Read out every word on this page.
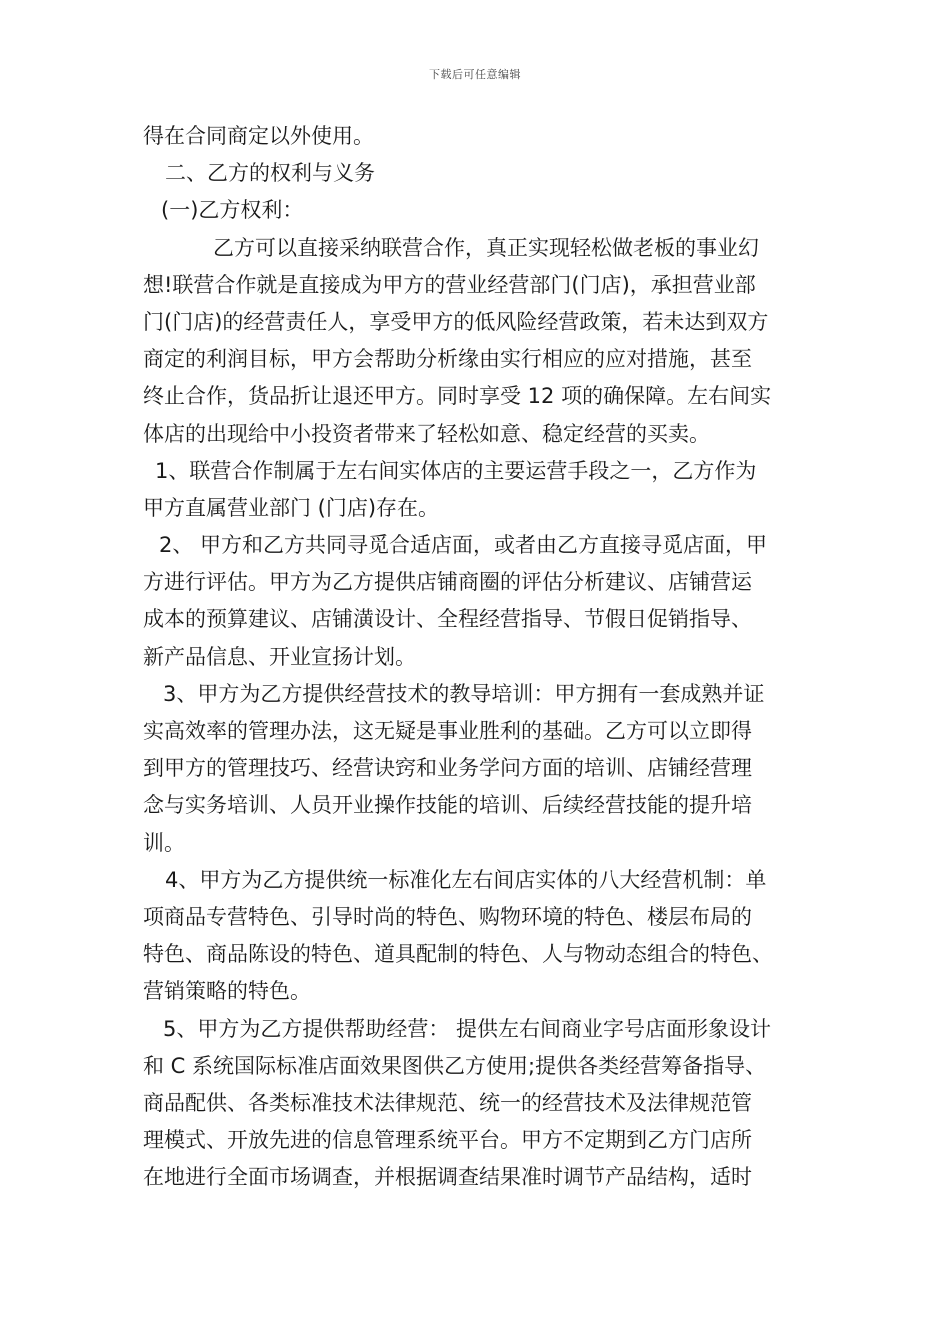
下载后可任意编辑
得在合同商定以外使用。
二、乙方的权利与义务
(一)乙方权利：
乙方可以直接采纳联营合作，真正实现轻松做老板的事业幻
想!联营合作就是直接成为甲方的营业经营部门(门店)，承担营业部
门(门店)的经营责任人，享受甲方的低风险经营政策，若未达到双方
商定的利润目标，甲方会帮助分析缘由实行相应的应对措施，甚至
终止合作，货品折让退还甲方。同时享受 12 项的确保障。左右间实
体店的出现给中小投资者带来了轻松如意、稳定经营的买卖。
1、联营合作制属于左右间实体店的主要运营手段之一，乙方作为
甲方直属营业部门 (门店)存在。
2、 甲方和乙方共同寻觅合适店面，或者由乙方直接寻觅店面，甲
方进行评估。甲方为乙方提供店铺商圈的评估分析建议、店铺营运
成本的预算建议、店铺潢设计、全程经营指导、节假日促销指导、
新产品信息、开业宣扬计划。
3、甲方为乙方提供经营技术的教导培训：甲方拥有一套成熟并证
实高效率的管理办法，这无疑是事业胜利的基础。乙方可以立即得
到甲方的管理技巧、经营诀窍和业务学问方面的培训、店铺经营理
念与实务培训、人员开业操作技能的培训、后续经营技能的提升培
训。
4、甲方为乙方提供统一标准化左右间店实体的八大经营机制：单
项商品专营特色、引导时尚的特色、购物环境的特色、楼层布局的
特色、商品陈设的特色、道具配制的特色、人与物动态组合的特色、
营销策略的特色。
5、甲方为乙方提供帮助经营： 提供左右间商业字号店面形象设计
和 C 系统国际标准店面效果图供乙方使用;提供各类经营筹备指导、
商品配供、各类标准技术法律规范、统一的经营技术及法律规范管
理模式、开放先进的信息管理系统平台。甲方不定期到乙方门店所
在地进行全面市场调查，并根据调查结果准时调节产品结构，适时
